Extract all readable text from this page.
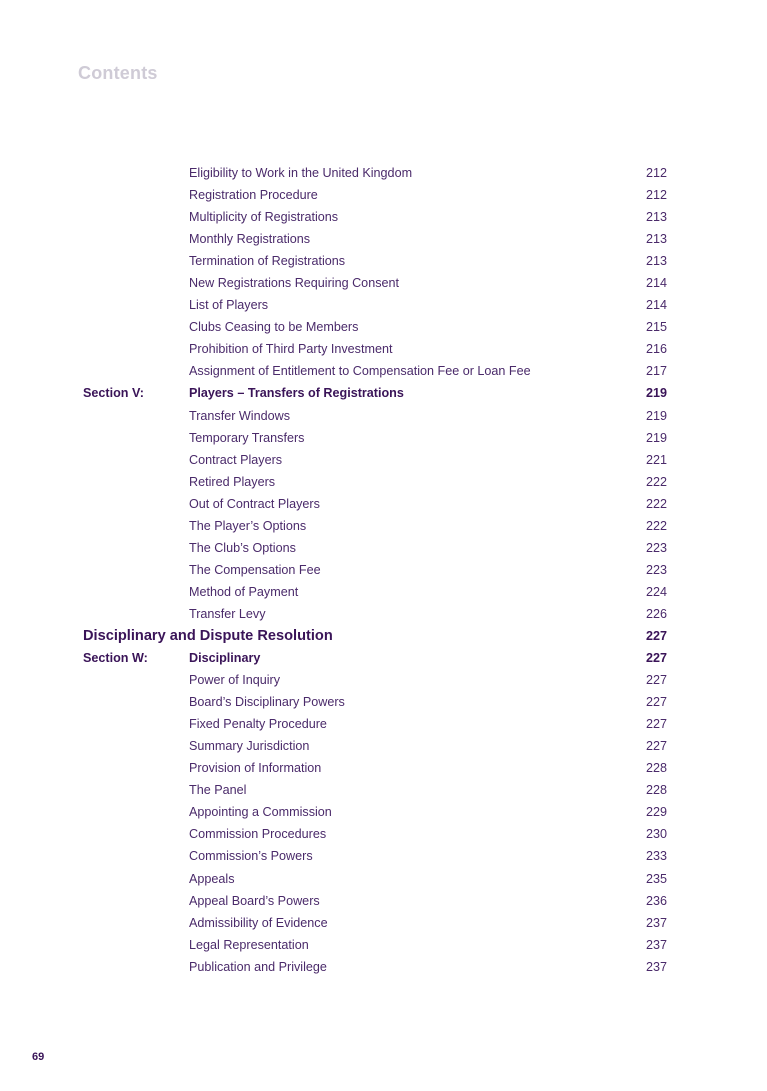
Contents
Eligibility to Work in the United Kingdom	212
Registration Procedure	212
Multiplicity of Registrations	213
Monthly Registrations	213
Termination of Registrations	213
New Registrations Requiring Consent	214
List of Players	214
Clubs Ceasing to be Members	215
Prohibition of Third Party Investment	216
Assignment of Entitlement to Compensation Fee or Loan Fee	217
Section V:	Players – Transfers of Registrations	219
Transfer Windows	219
Temporary Transfers	219
Contract Players	221
Retired Players	222
Out of Contract Players	222
The Player’s Options	222
The Club’s Options	223
The Compensation Fee	223
Method of Payment	224
Transfer Levy	226
Disciplinary and Dispute Resolution	227
Section W:	Disciplinary	227
Power of Inquiry	227
Board’s Disciplinary Powers	227
Fixed Penalty Procedure	227
Summary Jurisdiction	227
Provision of Information	228
The Panel	228
Appointing a Commission	229
Commission Procedures	230
Commission’s Powers	233
Appeals	235
Appeal Board’s Powers	236
Admissibility of Evidence	237
Legal Representation	237
Publication and Privilege	237
69
